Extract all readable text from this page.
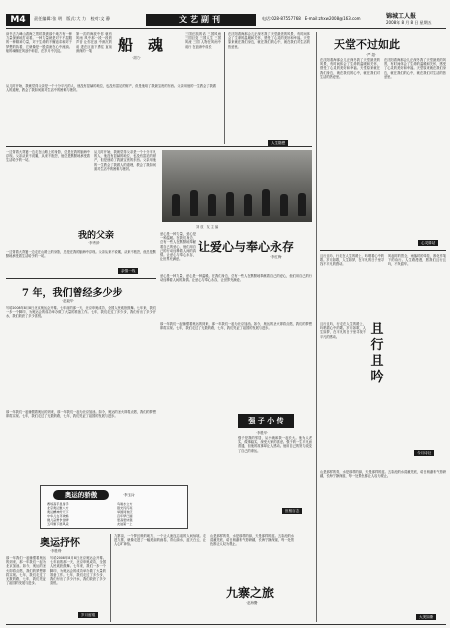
M4	责任编辑:张 明　版式:大 力　校对:文 静	文艺副刊	电话:028-87557768　E-mail:zhxw2008@163.com	锦城工人报
2008年 8 月 8 日 星期五
读书去九峰山看海之景时我被那个地方有一种力量深深地打动着。一种力量就是对于不屈服的一种精神力量，对于生命的不懈追求和对于梦想的执着，它就像是一股清流在心中流淌。船的魂魄在风浪中彰显，在岁月中沉淀。
第一次的海波中你 就有风雨 风中那一段一段的声音 让你在浪 中深沉的前 进在巨浪下勇往 直前深深的一笔	船　魂
·胡力·
三国汪凯的话 三国风雨 三国巨变 三国人生 三国风流 三国 人物在风雨中前行 在浪涛中成长
从儿时开始，我就觉得父亲是一个十分平凡的人，他没有显赫的地位，也没有富足的财产，但是他给了我最宝贵的东西。父亲用他的一生教会了我做人的道理，教会了我如何面对生活中的困难与挫折。
在沈阳看海那会儿正深冬我了天堂最美的风景，有时间体会了生命的温暖和关怀，感受了心灵的美好和幸福。天堂原来就在我们身边，就在我们的心中，就在我们对生活的热爱里。
人生随想
一边背着大背篓一边走在山路上的身影，总是在我的脑海中浮现。父亲从来不说累，从来不抱怨，他总是默默地承受着生活给予的一切。
我的父亲
·李秀萍·
从儿时开始，我就觉得父亲是一个十分平凡的人，他没有显赫的地位，也没有富足的财产，但是他给了我最宝贵的东西。父亲用他的一生教会了我做人的道理，教会了我如何面对生活中的困难与挫折。
一边背着大背篓一边走在山路上的身影，总是在我的脑海中浮现。父亲从来不说累，从来不抱怨，他总是默默地承受着生活给予的一切。
亲情一线
刘 放　友 主 编
爱心是一种力量，爱心是一种温暖。在我们身边，总有一些人在默默地奉献着自己的爱心，他们用自己的行动诠释着人间的真情。让爱心与奉心永存，让世界充满爱。
让爱心与奉心永存
·李红梅·
爱心是一种力量，爱心是一种温暖。在我们身边，总有一些人在默默地奉献着自己的爱心，他们用自己的行动诠释着人间的真情。让爱心与奉心永存，让世界充满爱。
7 年，我们曾经多少步
·赵毅华·
写给2008年8月8日北京奥运会开幕。七年前的那一天，北京申奥成功，全国人民欢欣鼓舞。七年来，我们一步一个脚印，为奥运会的成功举办做了大量的准备工作。七年，我们走过了多少步，我们付出了多少汗水，我们收获了多少喜悦。
那一年我们一起憧憬着奥运的到来，那一年我们一起为北京加油。如今，奥运的圣火即将点燃，我们的梦想即将实现。七年，我们走过了无数的路，七年，我们见证了祖国的发展与进步。
那一年我们一起憧憬着奥运的到来，那一年我们一起为北京加油。如今，奥运的圣火即将点燃，我们的梦想即将实现。七年，我们走过了无数的路，七年，我们见证了祖国的发展与进步。
强 子 小 传
·李胜华·
强子是我的邻居，从小就和我一起长大。他为人老实，做事踏实，深受大家的喜爱。强子的一生平凡而普通，但他的故事却让人感动。他用自己的努力改变了自己的命运。
世相百态
天堂不过如此
·严 超·
在沈阳看海那会儿正深冬我了天堂最美的风景，有时间体会了生命的温暖和关怀，感受了心灵的美好和幸福。天堂原来就在我们身边，就在我们的心中，就在我们对生活的热爱里。
在沈阳看海那会儿正深冬我了天堂最美的风景，有时间体会了生命的温暖和关怀，感受了心灵的美好和幸福。天堂原来就在我们身边，就在我们的心中，就在我们对生活的热爱里。
心灵驿站
且行且吟，行走在人生的路上，吟唱着心中的歌。岁月如歌，人生如梦，在平凡的日子里寻找不平凡的感动。
风起时的思念，雨落时的牵挂，都化作笔下的诗行。人生路漫漫，愿我们且行且吟，不负韶华。
且行且吟
且行且吟，行走在人生的路上，吟唱着心中的歌。岁月如歌，人生如梦，在平凡的日子里寻找不平凡的感动。
今月诗社
奥运的骄傲	·李玉兵·
赛场高手显身手
北京奥运聚八方
奥运精神传天下
中华儿女齐欢畅
健儿奋勇争金牌
五环旗下展风采
鸟巢水立方
银光闪闪亮
举国同欢庆
百年梦已圆
更高更快强
友谊第一上
奥运抒怀
·李胜利·
那一年我们一起憧憬着奥运的到来，那一年我们一起为北京加油。如今，奥运的圣火即将点燃，我们的梦想即将实现。七年，我们走过了无数的路，七年，我们见证了祖国的发展与进步。
写给2008年8月8日北京奥运会开幕。七年前的那一天，北京申奥成功，全国人民欢欣鼓舞。七年来，我们一步一个脚印，为奥运会的成功举办做了大量的准备工作。七年，我们走过了多少步，我们付出了多少汗水，我们收获了多少喜悦。
岁月留痕
九寨沟，一个梦幻般的地方，一个让人流连忘返的人间仙境。走进九寨，就像走进了一幅美丽的画卷，青山绿水，蓝天白云，让人心旷神怡。
山是那样的青，水是那样的绿，天是那样的蓝。五彩池的水清澈见底，诺日朗瀑布气势磅礴，长海宁静深邃，每一处景色都让人叹为观止。
九寨之旅
·赵海鹰·
山是那样的青，水是那样的绿，天是那样的蓝。五彩池的水清澈见底，诺日朗瀑布气势磅礴，长海宁静深邃，每一处景色都让人叹为观止。
大美如斯
